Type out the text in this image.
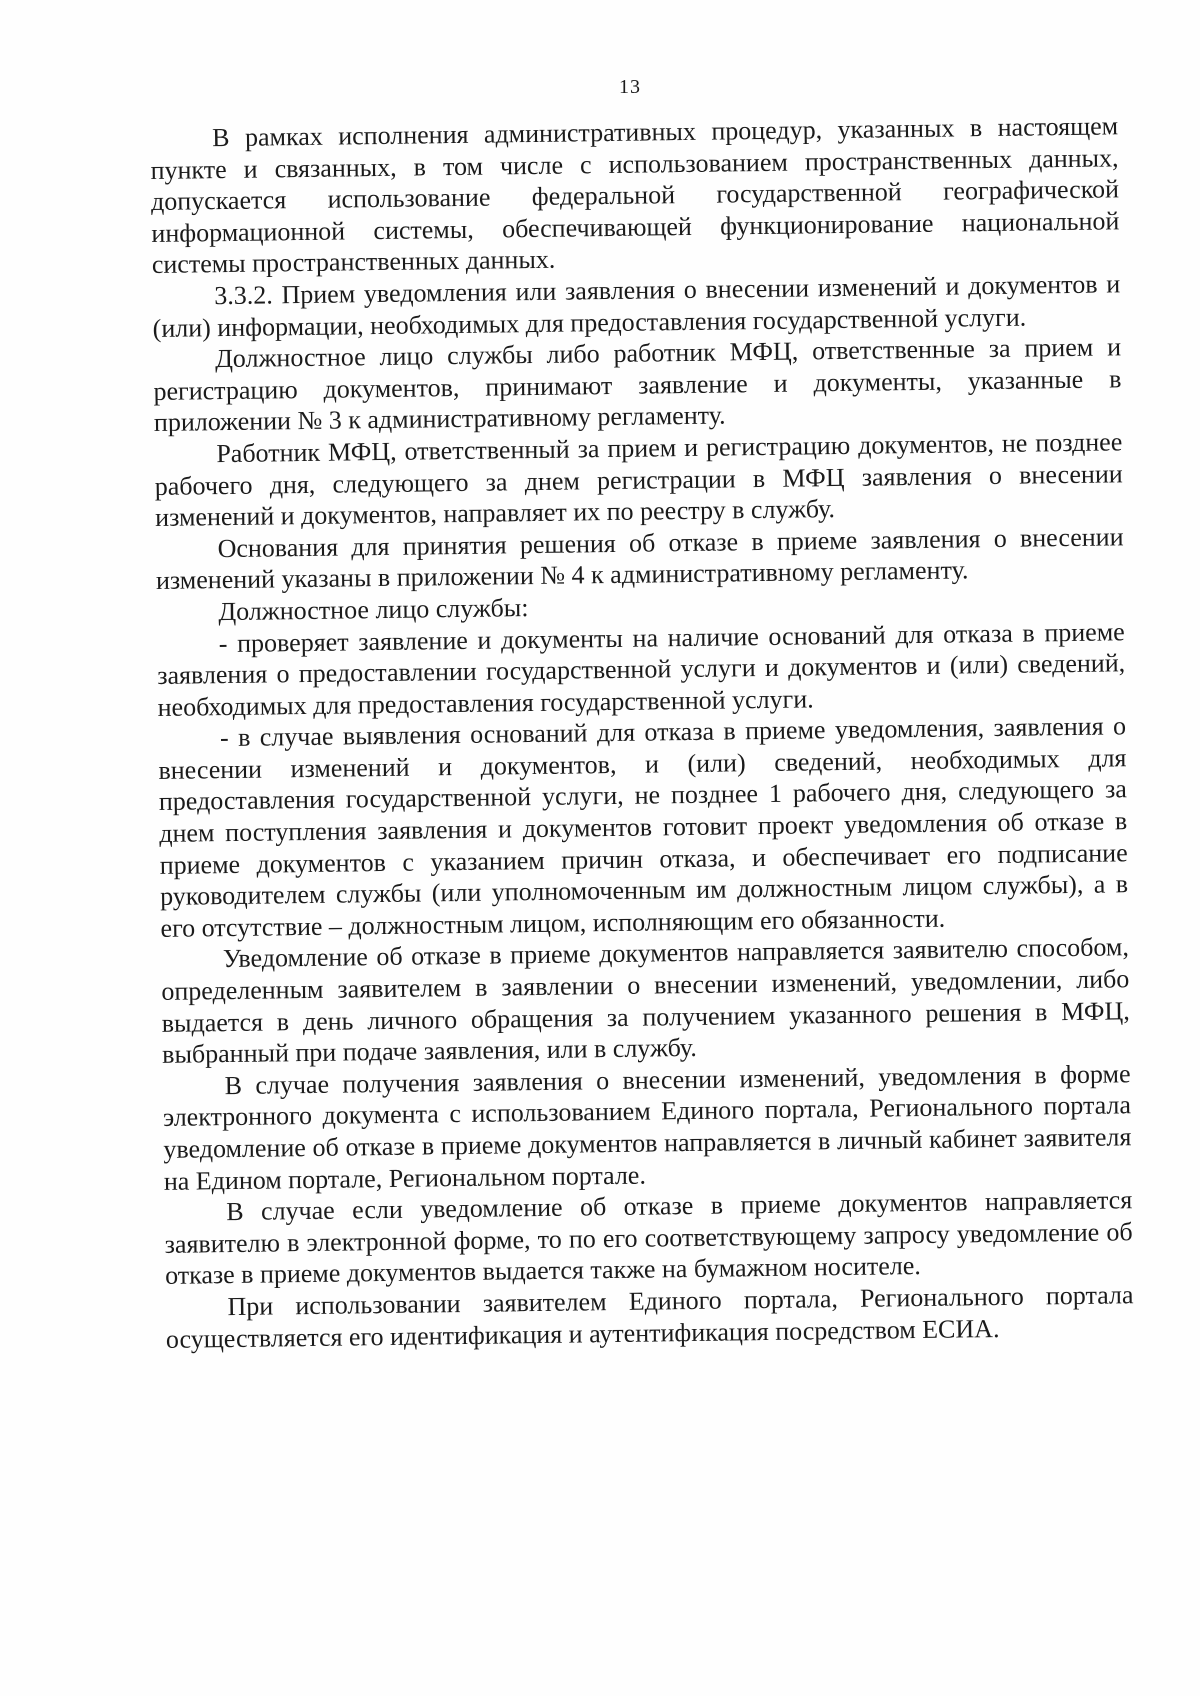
13

В рамках исполнения административных процедур, указанных в настоящем пункте и связанных, в том числе с использованием пространственных данных, допускается использование федеральной государственной географической информационной системы, обеспечивающей функционирование национальной системы пространственных данных.

3.3.2. Прием уведомления или заявления о внесении изменений и документов и (или) информации, необходимых для предоставления государственной услуги.

Должностное лицо службы либо работник МФЦ, ответственные за прием и регистрацию документов, принимают заявление и документы, указанные в приложении № 3 к административному регламенту.

Работник МФЦ, ответственный за прием и регистрацию документов, не позднее рабочего дня, следующего за днем регистрации в МФЦ заявления о внесении изменений и документов, направляет их по реестру в службу.

Основания для принятия решения об отказе в приеме заявления о внесении изменений указаны в приложении № 4 к административному регламенту.

Должностное лицо службы:

- проверяет заявление и документы на наличие оснований для отказа в приеме заявления о предоставлении государственной услуги и документов и (или) сведений, необходимых для предоставления государственной услуги.

- в случае выявления оснований для отказа в приеме уведомления, заявления о внесении изменений и документов, и (или) сведений, необходимых для предоставления государственной услуги, не позднее 1 рабочего дня, следующего за днем поступления заявления и документов готовит проект уведомления об отказе в приеме документов с указанием причин отказа, и обеспечивает его подписание руководителем службы (или уполномоченным им должностным лицом службы), а в его отсутствие – должностным лицом, исполняющим его обязанности.

Уведомление об отказе в приеме документов направляется заявителю способом, определенным заявителем в заявлении о внесении изменений, уведомлении, либо выдается в день личного обращения за получением указанного решения в МФЦ, выбранный при подаче заявления, или в службу.

В случае получения заявления о внесении изменений, уведомления в форме электронного документа с использованием Единого портала, Регионального портала уведомление об отказе в приеме документов направляется в личный кабинет заявителя на Едином портале, Региональном портале.

В случае если уведомление об отказе в приеме документов направляется заявителю в электронной форме, то по его соответствующему запросу уведомление об отказе в приеме документов выдается также на бумажном носителе.

При использовании заявителем Единого портала, Регионального портала осуществляется его идентификация и аутентификация посредством ЕСИА.
